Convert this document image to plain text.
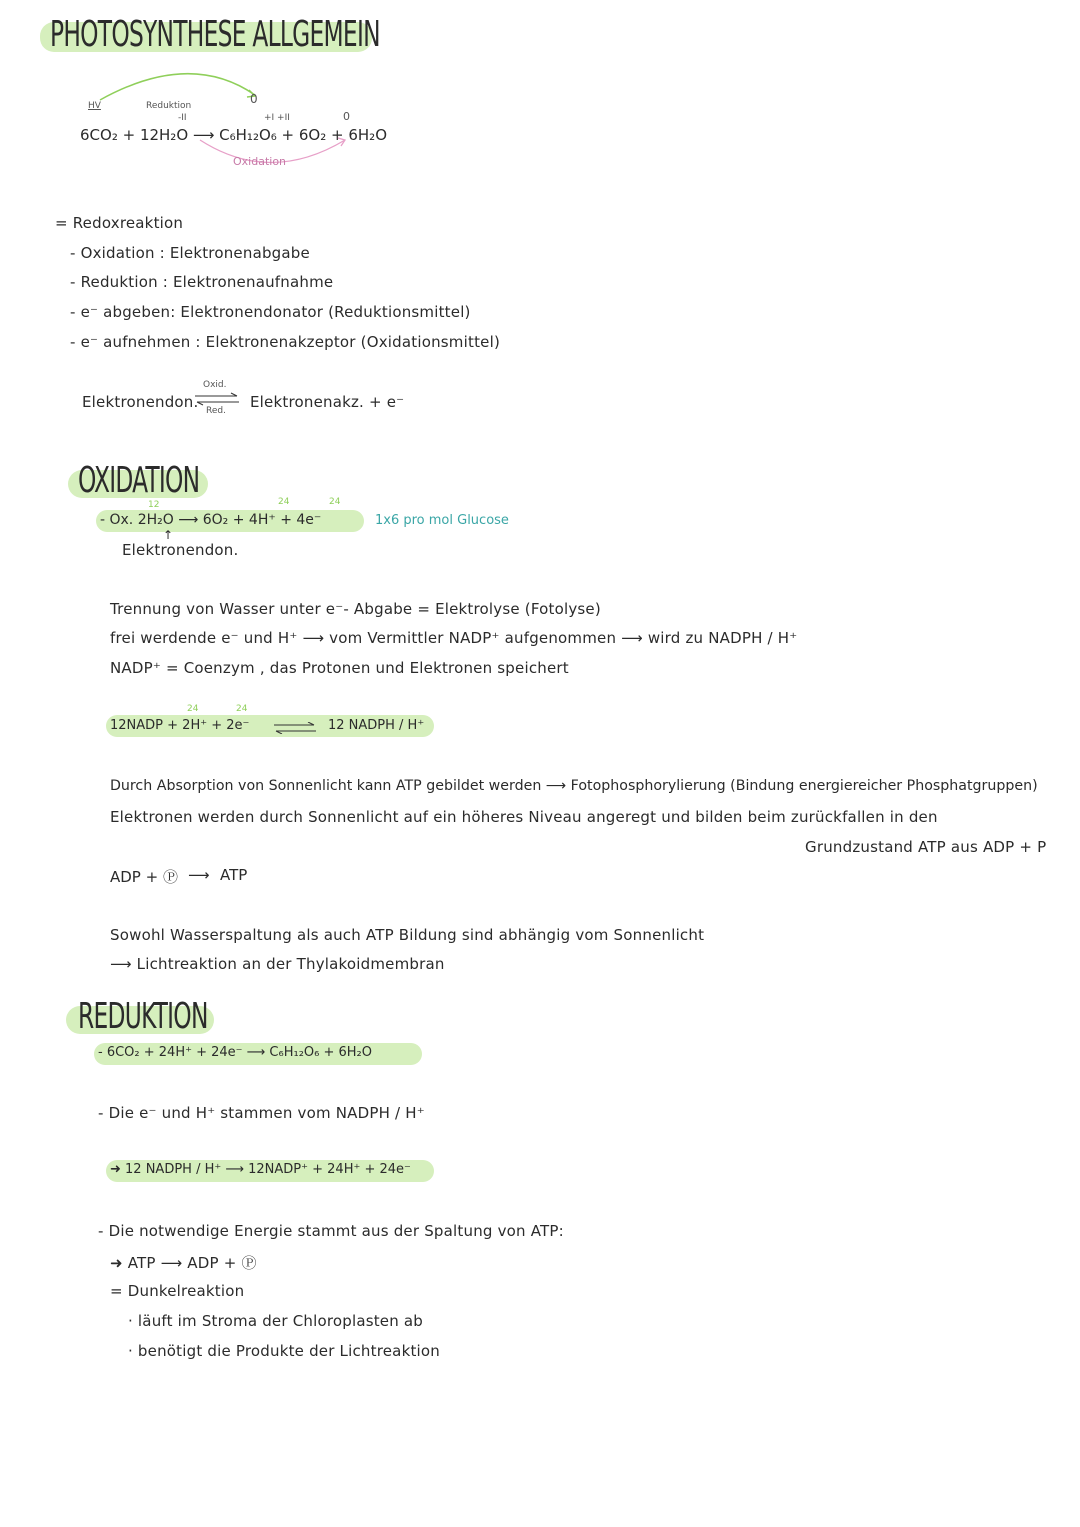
PHOTOSYNTHESE ALLGEMEIN
HV	Reduktion
-II
0
+I +II	0
6CO₂ + 12H₂O ⟶ C₆H₁₂O₆ + 6O₂ + 6H₂O
Oxidation
= Redoxreaktion
- Oxidation : Elektronenabgabe
- Reduktion : Elektronenaufnahme
- e⁻ abgeben: Elektronendonator (Reduktionsmittel)
- e⁻ aufnehmen : Elektronenakzeptor (Oxidationsmittel)
Elektronendon.
Oxid.
Red. Elektronenakz. + e⁻
OXIDATION
12	24	24
- Ox. 2H₂O ⟶ 6O₂ + 4H⁺ + 4e⁻	1x6 pro mol Glucose
↑
Elektronendon.
Trennung von Wasser unter e⁻- Abgabe = Elektrolyse (Fotolyse)
frei werdende e⁻ und H⁺ ⟶ vom Vermittler NADP⁺ aufgenommen ⟶ wird zu NADPH / H⁺
NADP⁺ = Coenzym , das Protonen und Elektronen speichert
24	24
12NADP + 2H⁺ + 2e⁻	12 NADPH / H⁺
Durch Absorption von Sonnenlicht kann ATP gebildet werden ⟶ Fotophosphorylierung (Bindung energiereicher Phosphatgruppen)
Elektronen werden durch Sonnenlicht auf ein höheres Niveau angeregt und bilden beim zurückfallen in den
Grundzustand ATP aus ADP + P
ADP + Ⓟ ⟶ ATP
Sowohl Wasserspaltung als auch ATP Bildung sind abhängig vom Sonnenlicht
⟶ Lichtreaktion an der Thylakoidmembran
REDUKTION
- 6CO₂ + 24H⁺ + 24e⁻ ⟶ C₆H₁₂O₆ + 6H₂O
- Die e⁻ und H⁺ stammen vom NADPH / H⁺
➜ 12 NADPH / H⁺ ⟶ 12NADP⁺ + 24H⁺ + 24e⁻
- Die notwendige Energie stammt aus der Spaltung von ATP:
➜ ATP ⟶ ADP + Ⓟ
= Dunkelreaktion
· läuft im Stroma der Chloroplasten ab
· benötigt die Produkte der Lichtreaktion
